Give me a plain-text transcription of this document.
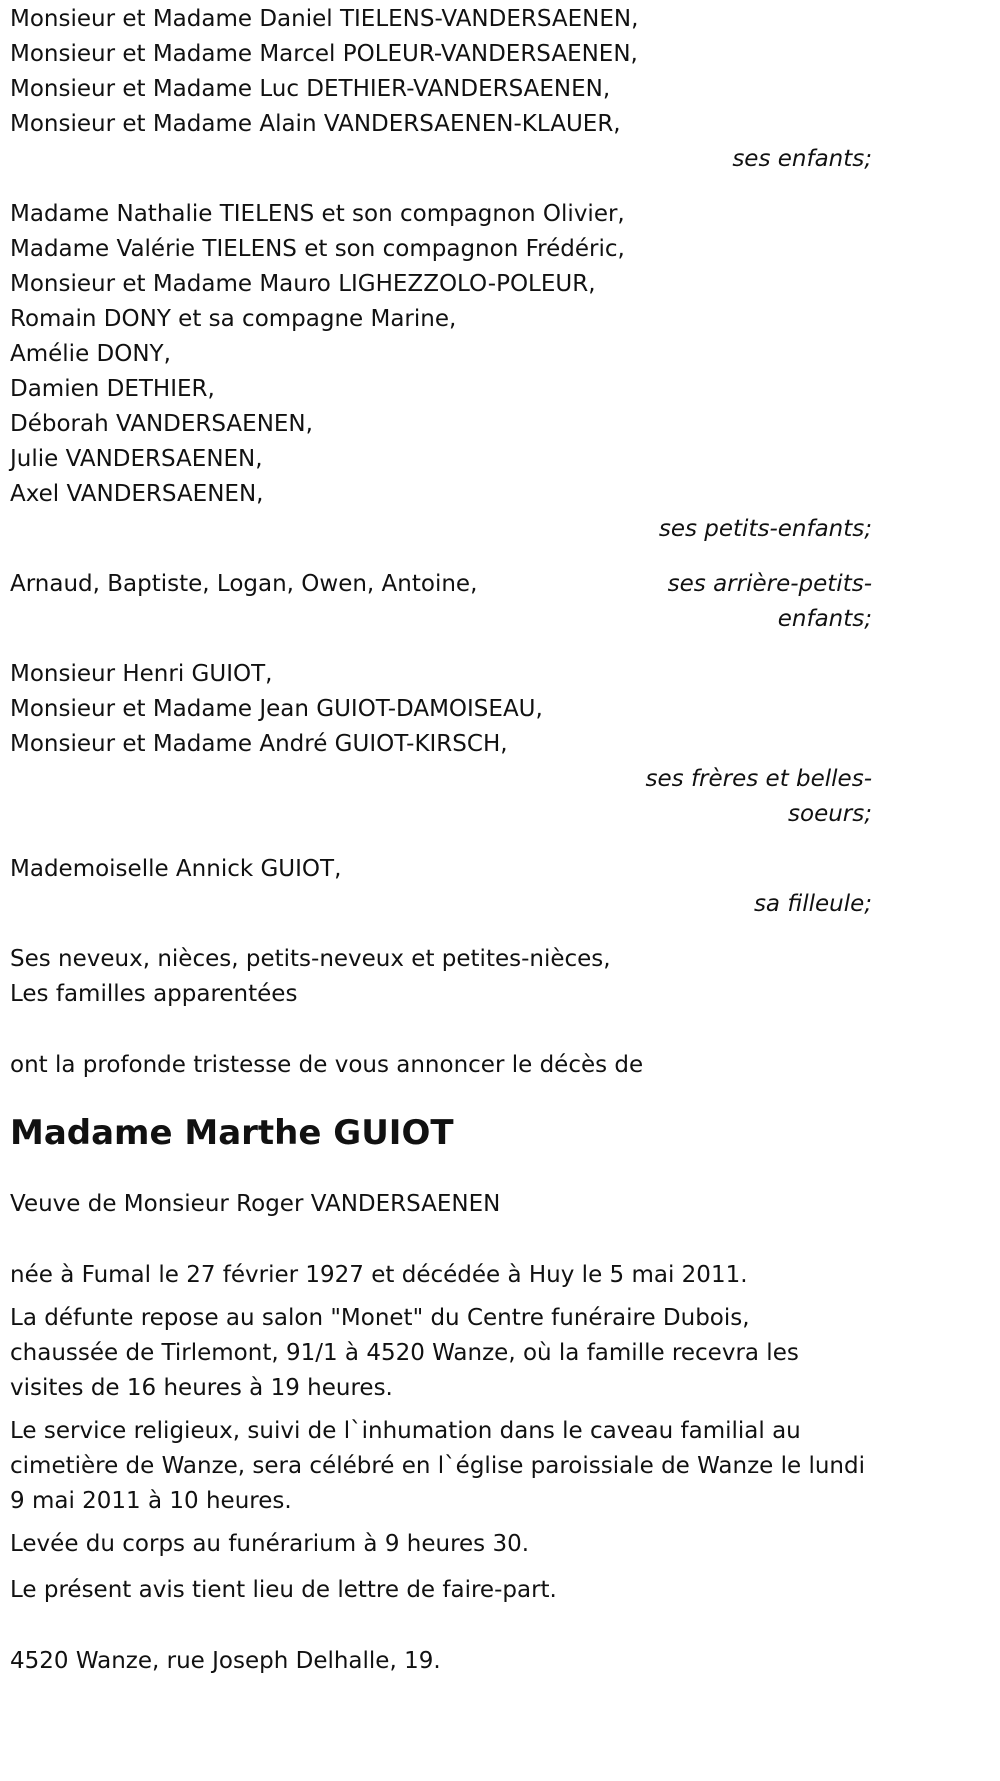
Monsieur et Madame Daniel TIELENS-VANDERSAENEN,
Monsieur et Madame Marcel POLEUR-VANDERSAENEN,
Monsieur et Madame Luc DETHIER-VANDERSAENEN,
Monsieur et Madame Alain VANDERSAENEN-KLAUER,
ses enfants;
Madame Nathalie TIELENS et son compagnon Olivier,
Madame Valérie TIELENS et son compagnon Frédéric,
Monsieur et Madame Mauro LIGHEZZOLO-POLEUR,
Romain DONY et sa compagne Marine,
Amélie DONY,
Damien DETHIER,
Déborah VANDERSAENEN,
Julie VANDERSAENEN,
Axel VANDERSAENEN,
ses petits-enfants;
Arnaud, Baptiste, Logan, Owen, Antoine,	ses arrière-petits-
enfants;
Monsieur Henri GUIOT,
Monsieur et Madame Jean GUIOT-DAMOISEAU,
Monsieur et Madame André GUIOT-KIRSCH,
ses frères et belles-
soeurs;
Mademoiselle Annick GUIOT,
sa filleule;
Ses neveux, nièces, petits-neveux et petites-nièces,
Les familles apparentées

ont la profonde tristesse de vous annoncer le décès de

Madame Marthe GUIOT

Veuve de Monsieur Roger VANDERSAENEN

née à Fumal le 27 février 1927 et décédée à Huy le 5 mai 2011.

La défunte repose au salon "Monet" du Centre funéraire Dubois,
chaussée de Tirlemont, 91/1 à 4520 Wanze, où la famille recevra les
visites de 16 heures à 19 heures.

Le service religieux, suivi de l`inhumation dans le caveau familial au
cimetière de Wanze, sera célébré en l`église paroissiale de Wanze le lundi
9 mai 2011 à 10 heures.

Levée du corps au funérarium à 9 heures 30.

Le présent avis tient lieu de lettre de faire-part.

4520 Wanze, rue Joseph Delhalle, 19.
